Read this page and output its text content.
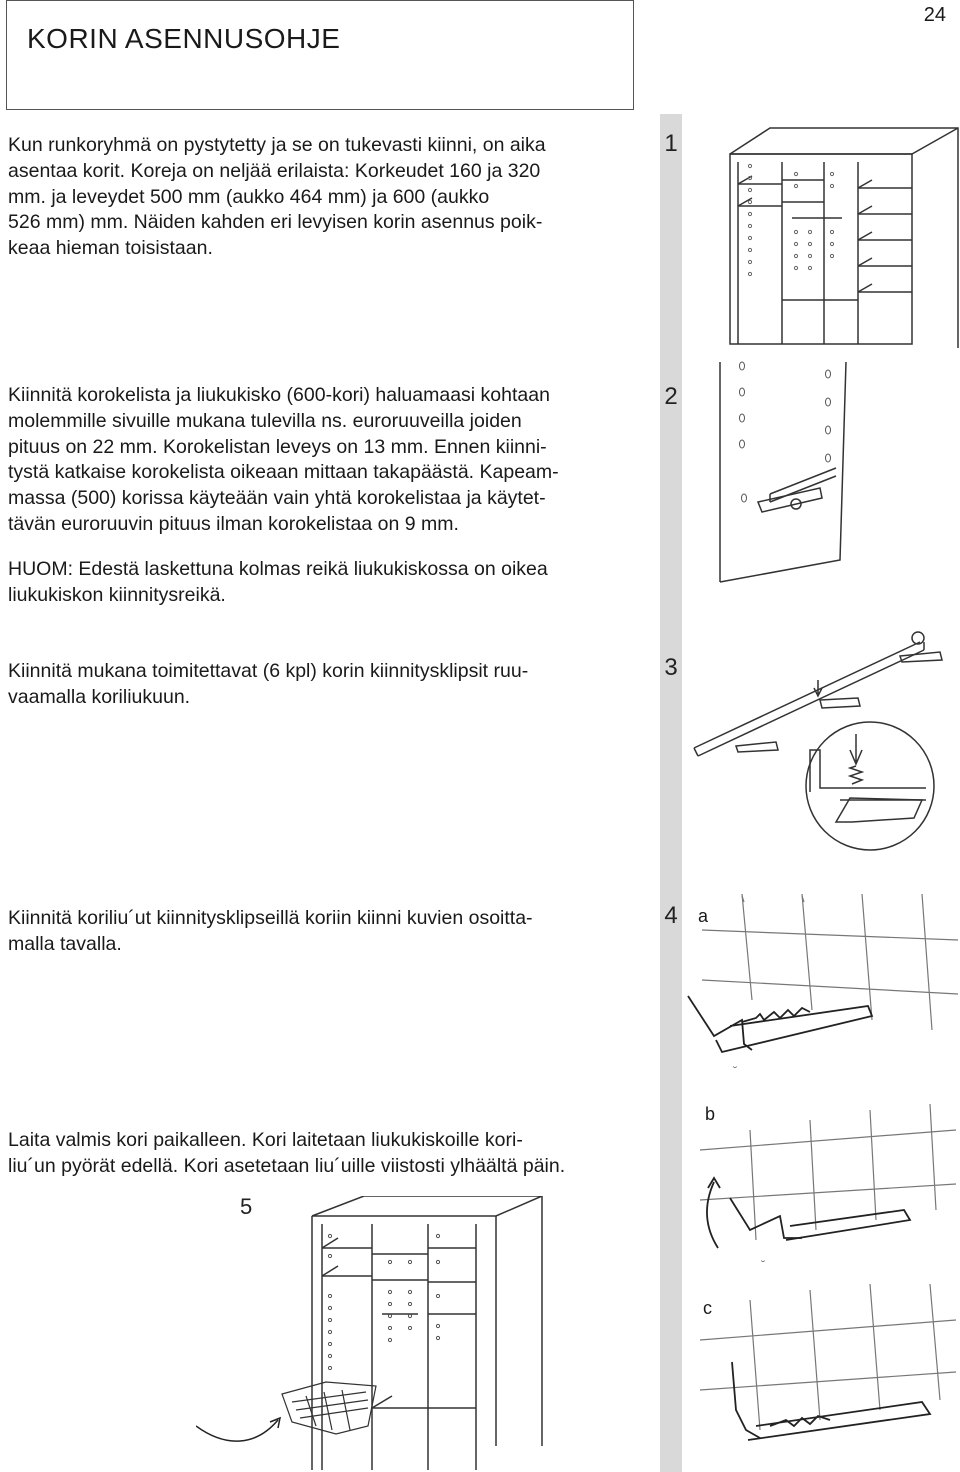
KORIN ASENNUSOHJE
24
1
2
3
4
5
Kun runkoryhmä on pystytetty ja se on tukevasti kiinni, on aika
asentaa korit. Koreja on neljää erilaista: Korkeudet 160 ja 320
mm. ja leveydet 500 mm (aukko 464 mm) ja 600 (aukko
526 mm) mm. Näiden kahden eri levyisen korin asennus poik-
keaa hieman toisistaan.
Kiinnitä korokelista ja liukukisko (600-kori) haluamaasi kohtaan
molemmille sivuille mukana tulevilla ns. euroruuveilla joiden
pituus on 22 mm. Korokelistan leveys on 13 mm. Ennen kiinni-
tystä katkaise korokelista oikeaan mittaan takapäästä. Kapeam-
massa (500) korissa käyteään vain yhtä korokelistaa ja käytet-
tävän euroruuvin pituus ilman korokelistaa on 9 mm.
HUOM: Edestä laskettuna kolmas reikä liukukiskossa on oikea
liukukiskon kiinnitysreikä.
Kiinnitä mukana toimitettavat (6 kpl) korin kiinnitysklipsit ruu-
vaamalla koriliukuun.
Kiinnitä koriliu´ut kiinnitysklipseillä koriin kiinni kuvien osoitta-
malla tavalla.
Laita valmis kori paikalleen. Kori laitetaan liukukiskoille kori-
liu´un pyörät edellä. Kori asetetaan liu´uille viistosti ylhäältä päin.
a
˘
b
˘
c
